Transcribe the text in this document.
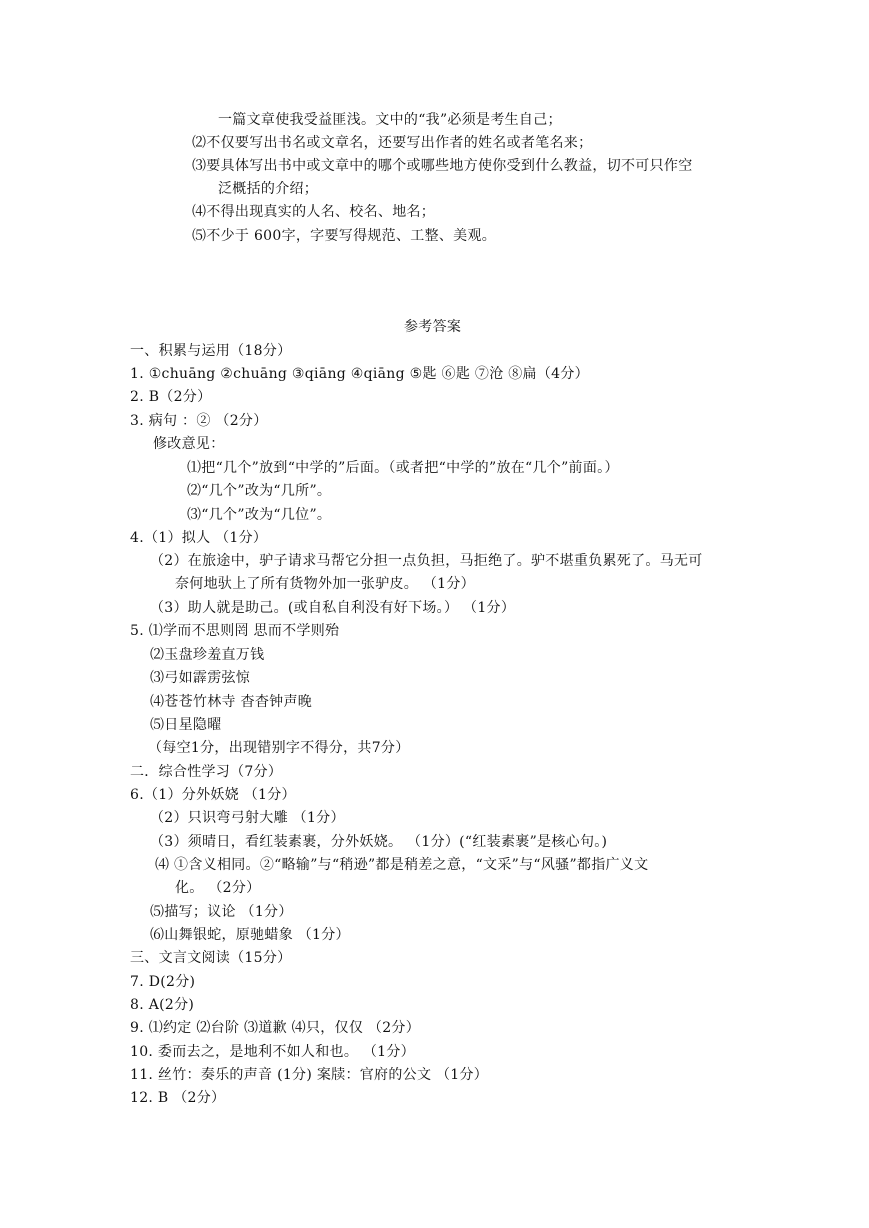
一篇文章使我受益匪浅。文中的“我”必须是考生自己；
⑵不仅要写出书名或文章名，还要写出作者的姓名或者笔名来；
⑶要具体写出书中或文章中的哪个或哪些地方使你受到什么教益，切不可只作空
泛概括的介绍；
⑷不得出现真实的人名、校名、地名；
⑸不少于 600字，字要写得规范、工整、美观。
参考答案
一、积累与运用（18分）
1. ①chuāng ②chuāng ③qiāng ④qiāng ⑤匙 ⑥匙 ⑦沧 ⑧扁（4分）
2. B（2分）
3. 病句 ：② （2分）
修改意见：
⑴把“几个”放到“中学的”后面。（或者把“中学的”放在“几个”前面。）
⑵“几个”改为“几所”。
⑶“几个”改为“几位”。
4.（1）拟人 （1分）
（2）在旅途中，驴子请求马帮它分担一点负担，马拒绝了。驴不堪重负累死了。马无可
奈何地驮上了所有货物外加一张驴皮。 （1分）
（3）助人就是助己。(或自私自利没有好下场。） （1分）
5. ⑴学而不思则罔 思而不学则殆
⑵玉盘珍羞直万钱
⑶弓如霹雳弦惊
⑷苍苍竹林寺 杳杳钟声晚
⑸日星隐曜
（每空1分，出现错别字不得分，共7分）
二．综合性学习（7分）
6.（1）分外妖娆 （1分）
（2）只识弯弓射大雕 （1分）
（3）须晴日，看红装素裹，分外妖娆。 （1分）(“红装素裹”是核心句。)
⑷ ①含义相同。②“略输”与“稍逊”都是稍差之意，“文采”与“风骚”都指广义文
化。 （2分）
⑸描写；议论 （1分）
⑹山舞银蛇，原驰蜡象 （1分）
三、文言文阅读（15分）
7. D(2分)
8. A(2分)
9. ⑴约定 ⑵台阶 ⑶道歉 ⑷只，仅仅 （2分）
10. 委而去之，是地利不如人和也。 （1分）
11. 丝竹：奏乐的声音 (1分) 案牍：官府的公文 （1分）
12. B （2分）
